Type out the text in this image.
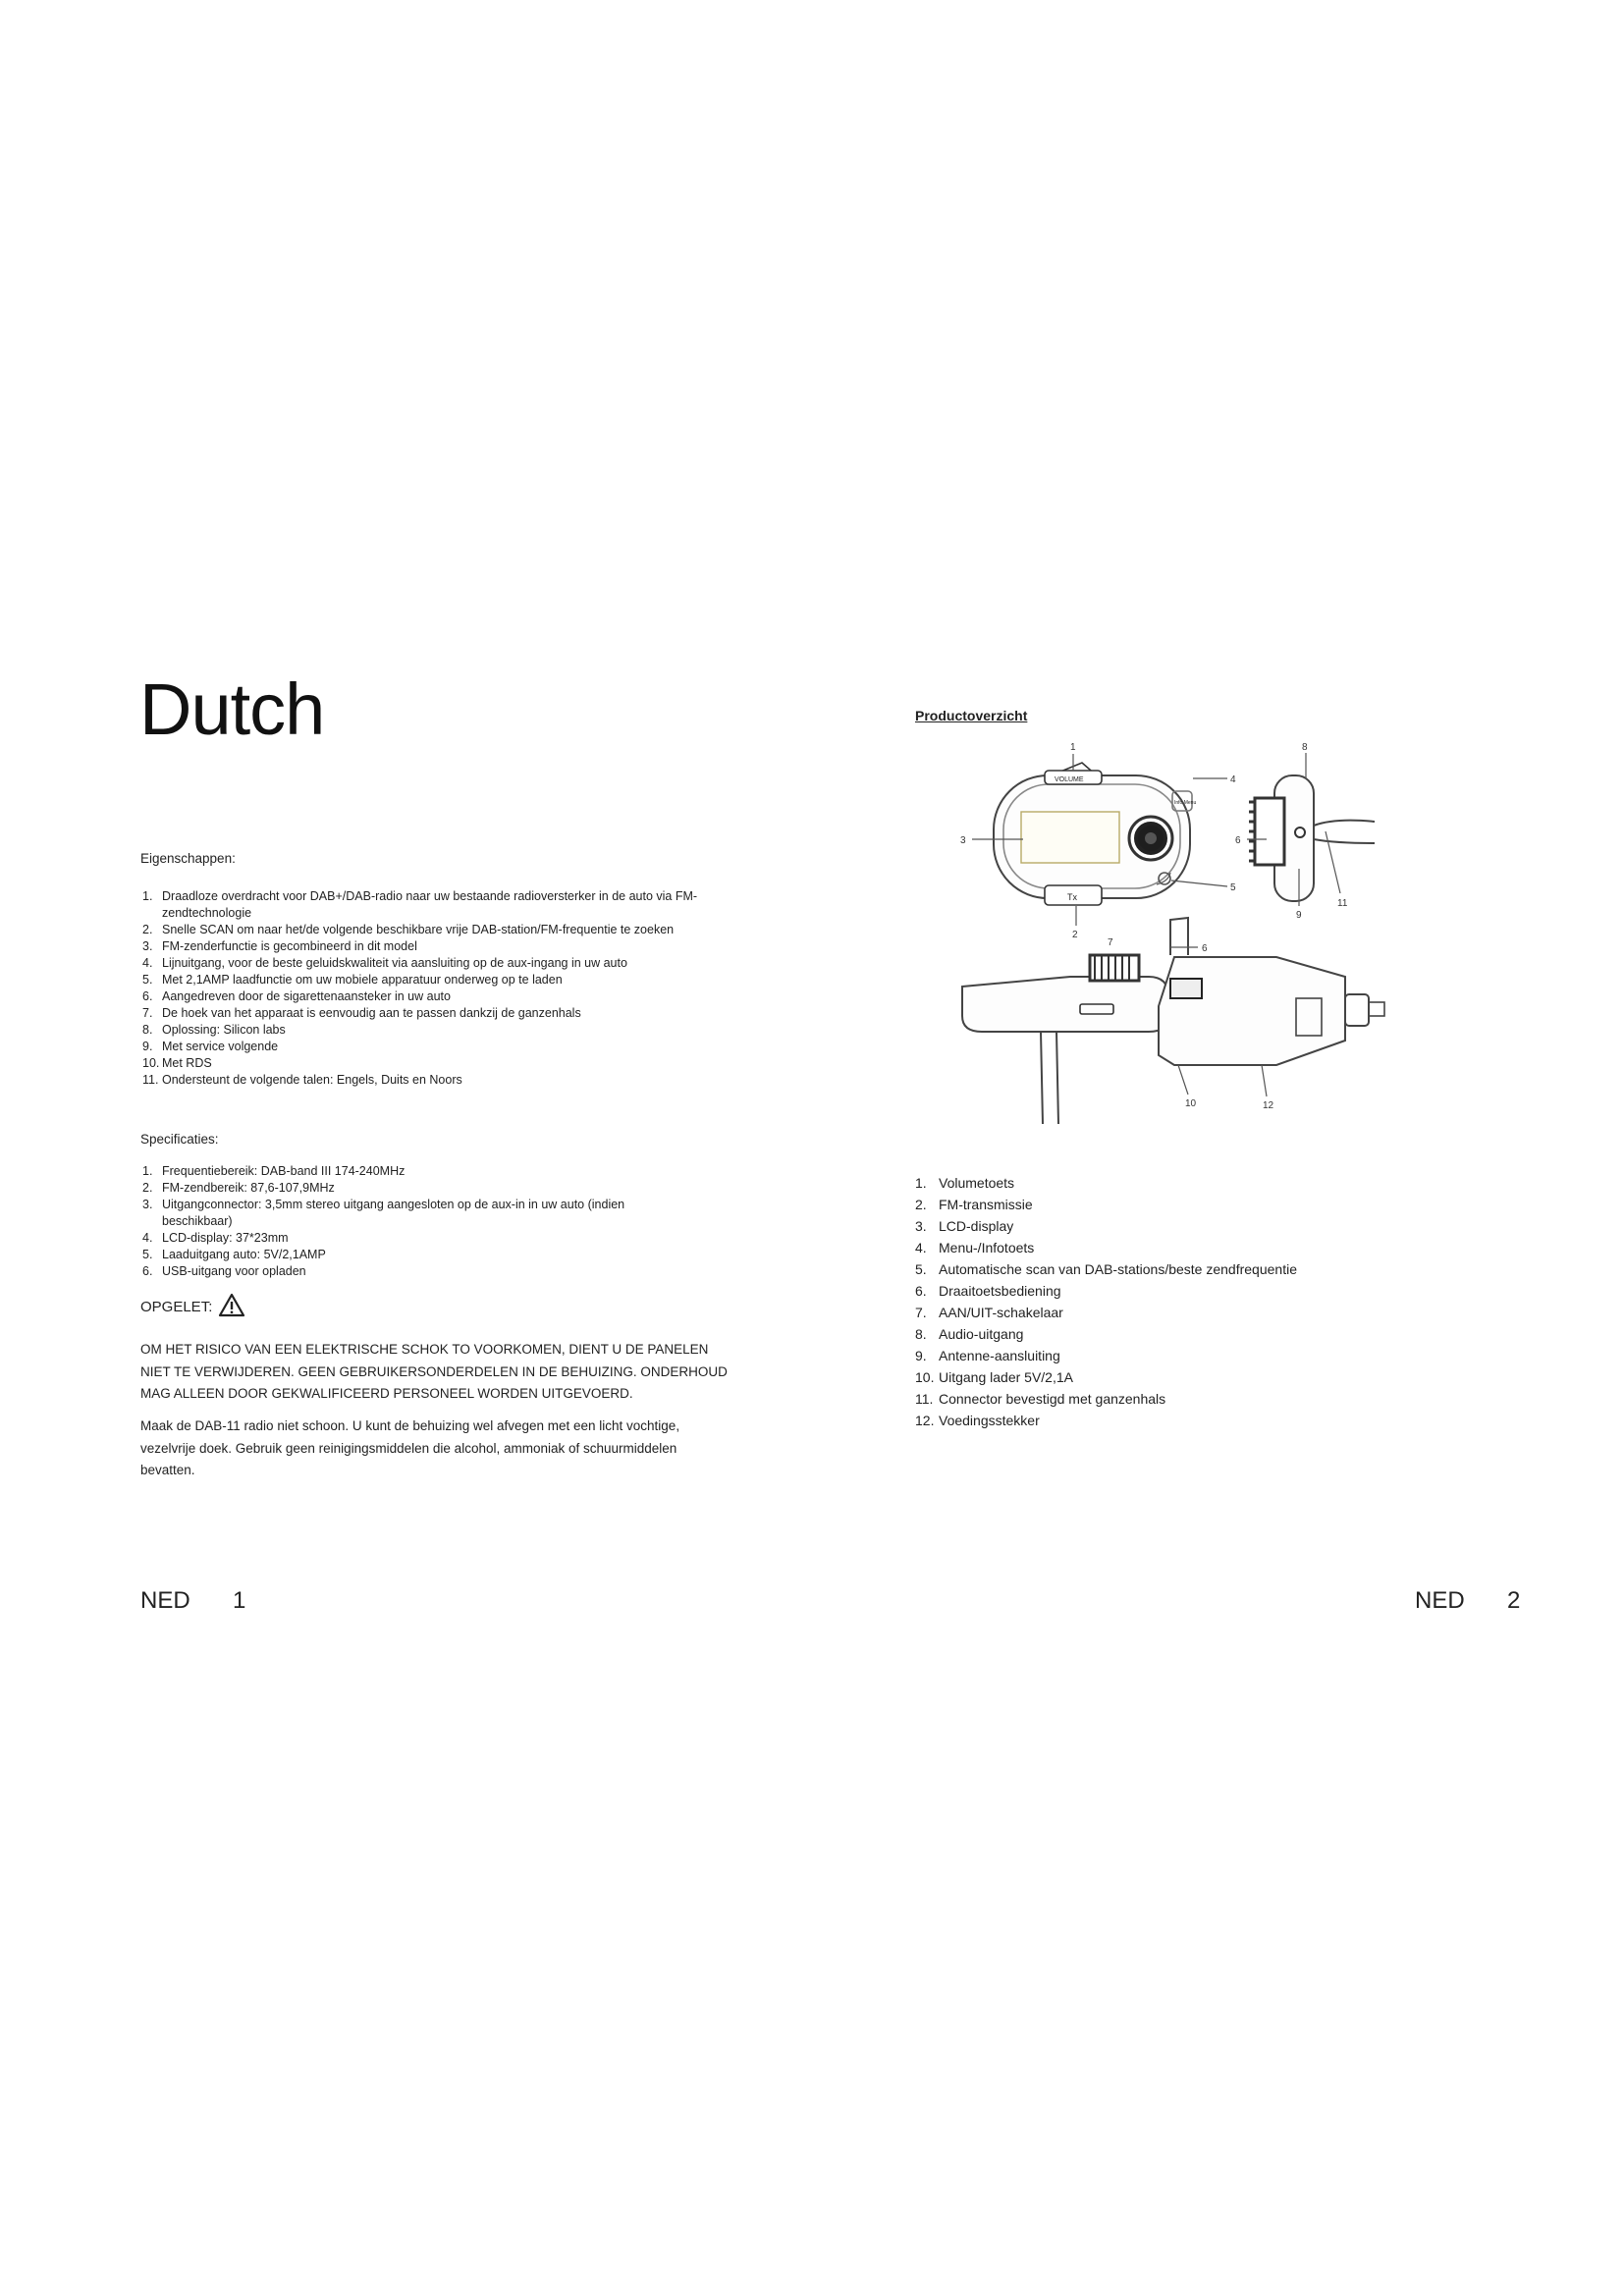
Dutch
Eigenschappen:
1. Draadloze overdracht voor DAB+/DAB-radio naar uw bestaande radioversterker in de auto via FM-zendtechnologie
2. Snelle SCAN om naar het/de volgende beschikbare vrije DAB-station/FM-frequentie te zoeken
3. FM-zenderfunctie is gecombineerd in dit model
4. Lijnuitgang, voor de beste geluidskwaliteit via aansluiting op de aux-ingang in uw auto
5. Met 2,1AMP laadfunctie om uw mobiele apparatuur onderweg op te laden
6. Aangedreven door de sigarettenaansteker in uw auto
7. De hoek van het apparaat is eenvoudig aan te passen dankzij de ganzenhals
8. Oplossing: Silicon labs
9. Met service volgende
10. Met RDS
11. Ondersteunt de volgende talen: Engels, Duits en Noors
Specificaties:
1. Frequentiebereik: DAB-band III 174-240MHz
2. FM-zendbereik: 87,6-107,9MHz
3. Uitgangconnector: 3,5mm stereo uitgang aangesloten op de aux-in in uw auto (indien beschikbaar)
4. LCD-display: 37*23mm
5. Laaduitgang auto: 5V/2,1AMP
6. USB-uitgang voor opladen
OPGELET:
OM HET RISICO VAN EEN ELEKTRISCHE SCHOK TO VOORKOMEN, DIENT U DE PANELEN NIET TE VERWIJDEREN. GEEN GEBRUIKERSONDERDELEN IN DE BEHUIZING. ONDERHOUD MAG ALLEEN DOOR GEKWALIFICEERD PERSONEEL WORDEN UITGEVOERD.
Maak de DAB-11 radio niet schoon. U kunt de behuizing wel afvegen met een licht vochtige, vezelvrije doek. Gebruik geen reinigingsmiddelen die alcohol, ammoniak of schuurmiddelen bevatten.
NED 1
Productoverzicht
1
2
3
4
5
7
6
6
8
9
11
10	12
VOLUME
Tx
Info Menu
1. Volumetoets
2. FM-transmissie
3. LCD-display
4. Menu-/Infotoets
5. Automatische scan van DAB-stations/beste zendfrequentie
6. Draaitoetsbediening
7. AAN/UIT-schakelaar
8. Audio-uitgang
9. Antenne-aansluiting
10. Uitgang lader 5V/2,1A
11. Connector bevestigd met ganzenhals
12. Voedingsstekker
NED 2
